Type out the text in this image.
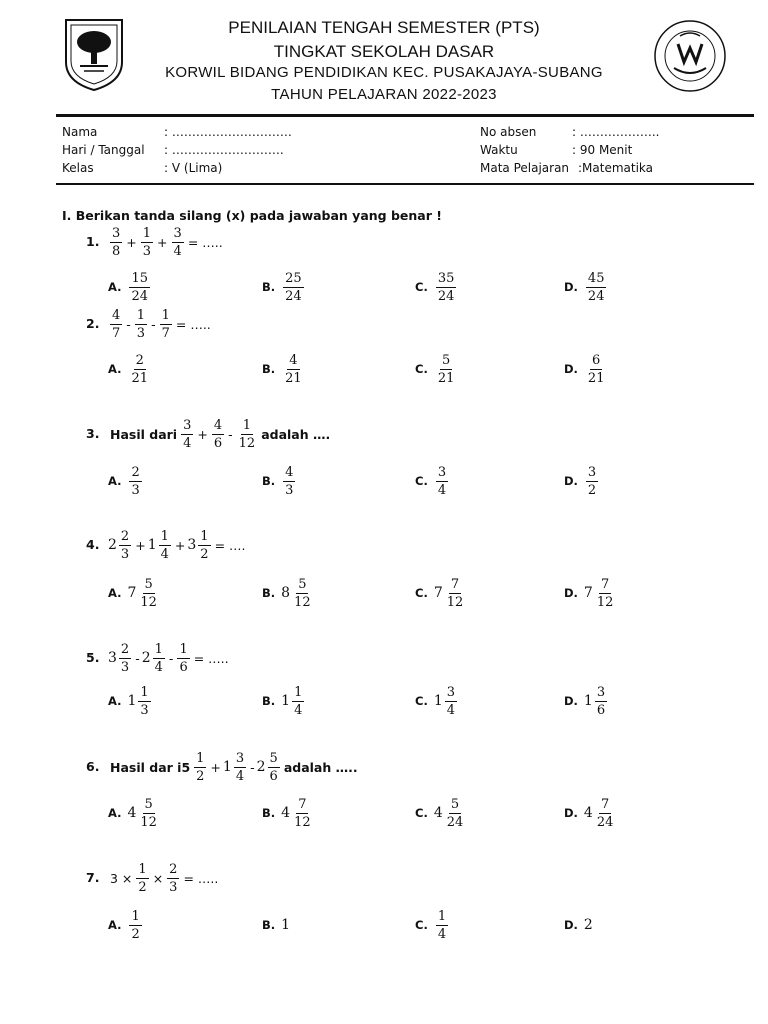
PENILAIAN TENGAH SEMESTER (PTS)
TINGKAT SEKOLAH DASAR
KORWIL BIDANG PENDIDIKAN KEC. PUSAKAJAYA-SUBANG
TAHUN PELAJARAN 2022-2023
Nama	: …………………………
Hari / Tanggal : ……………………….
Kelas	: V (Lima)
No absen	: ………………..
Waktu	: 90 Menit
Mata Pelajaran :Matematika
I. Berikan tanda silang (x) pada jawaban yang benar !
1. $\frac{3}{8} + \frac{1}{3} + \frac{3}{4}$ = …..
A. $\frac{15}{24}$	B. $\frac{25}{24}$	C. $\frac{35}{24}$	D. $\frac{45}{24}$
2. $\frac{4}{7} - \frac{1}{3} - \frac{1}{7}$ = …..
A. $\frac{2}{21}$	B. $\frac{4}{21}$	C. $\frac{5}{21}$	D. $\frac{6}{21}$
3. Hasil dari $\frac{3}{4} + \frac{4}{6} - \frac{1}{12}$ adalah ….
A. $\frac{2}{3}$	B. $\frac{4}{3}$	C. $\frac{3}{4}$	D. $\frac{3}{2}$
4. $2 \frac{2}{3} + 1 \frac{1}{4} + 3 \frac{1}{2}$ = ….
A. $7 \frac{5}{12}$	B. $8 \frac{5}{12}$	C. $7 \frac{7}{12}$	D. $7 \frac{7}{12}$
5. $3 \frac{2}{3} - 2 \frac{1}{4} - \frac{1}{6}$ = …..
A. $1 \frac{1}{3}$	B. $1 \frac{1}{4}$	C. $1 \frac{3}{4}$	D. $1 \frac{3}{6}$
6. Hasil dar $i5 \frac{1}{2} + 1 \frac{3}{4} - 2 \frac{5}{6}$ adalah …..
A. $4 \frac{5}{12}$	B. $4 \frac{7}{12}$	C. $4 \frac{5}{24}$	D. $4 \frac{7}{24}$
7. $3 \times \frac{1}{2} \times \frac{2}{3}$ = …..
A. $\frac{1}{2}$	B. 1	C. $\frac{1}{4}$	D. 2
